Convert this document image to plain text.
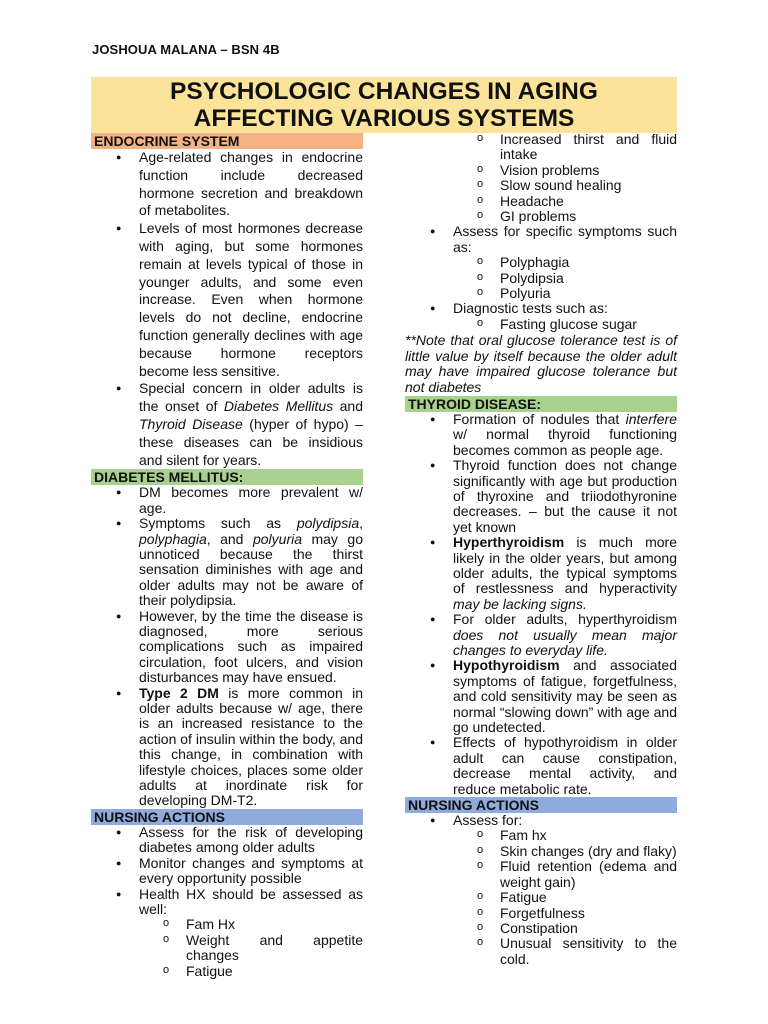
JOSHOUA MALANA – BSN 4B
PSYCHOLOGIC CHANGES IN AGING
AFFECTING VARIOUS SYSTEMS
ENDOCRINE SYSTEM
● Age-related changes in endocrine function include decreased hormone secretion and breakdown of metabolites.
● Levels of most hormones decrease with aging, but some hormones remain at levels typical of those in younger adults, and some even increase. Even when hormone levels do not decline, endocrine function generally declines with age because hormone receptors become less sensitive.
● Special concern in older adults is the onset of Diabetes Mellitus and Thyroid Disease (hyper of hypo) – these diseases can be insidious and silent for years.
DIABETES MELLITUS:
● DM becomes more prevalent w/ age.
● Symptoms such as polydipsia, polyphagia, and polyuria may go unnoticed because the thirst sensation diminishes with age and older adults may not be aware of their polydipsia.
● However, by the time the disease is diagnosed, more serious complications such as impaired circulation, foot ulcers, and vision disturbances may have ensued.
● Type 2 DM is more common in older adults because w/ age, there is an increased resistance to the action of insulin within the body, and this change, in combination with lifestyle choices, places some older adults at inordinate risk for developing DM-T2.
NURSING ACTIONS
● Assess for the risk of developing diabetes among older adults
● Monitor changes and symptoms at every opportunity possible
● Health HX should be assessed as well:
o Fam Hx
o Weight and appetite changes
o Fatigue
o Increased thirst and fluid intake
o Vision problems
o Slow sound healing
o Headache
o GI problems
● Assess for specific symptoms such as:
o Polyphagia
o Polydipsia
o Polyuria
● Diagnostic tests such as:
o Fasting glucose sugar
**Note that oral glucose tolerance test is of little value by itself because the older adult may have impaired glucose tolerance but not diabetes
THYROID DISEASE:
● Formation of nodules that interfere w/ normal thyroid functioning becomes common as people age.
● Thyroid function does not change significantly with age but production of thyroxine and triiodothyronine decreases. – but the cause it not yet known
● Hyperthyroidism is much more likely in the older years, but among older adults, the typical symptoms of restlessness and hyperactivity may be lacking signs.
● For older adults, hyperthyroidism does not usually mean major changes to everyday life.
● Hypothyroidism and associated symptoms of fatigue, forgetfulness, and cold sensitivity may be seen as normal “slowing down” with age and go undetected.
● Effects of hypothyroidism in older adult can cause constipation, decrease mental activity, and reduce metabolic rate.
NURSING ACTIONS
● Assess for:
o Fam hx
o Skin changes (dry and flaky)
o Fluid retention (edema and weight gain)
o Fatigue
o Forgetfulness
o Constipation
o Unusual sensitivity to the cold.
